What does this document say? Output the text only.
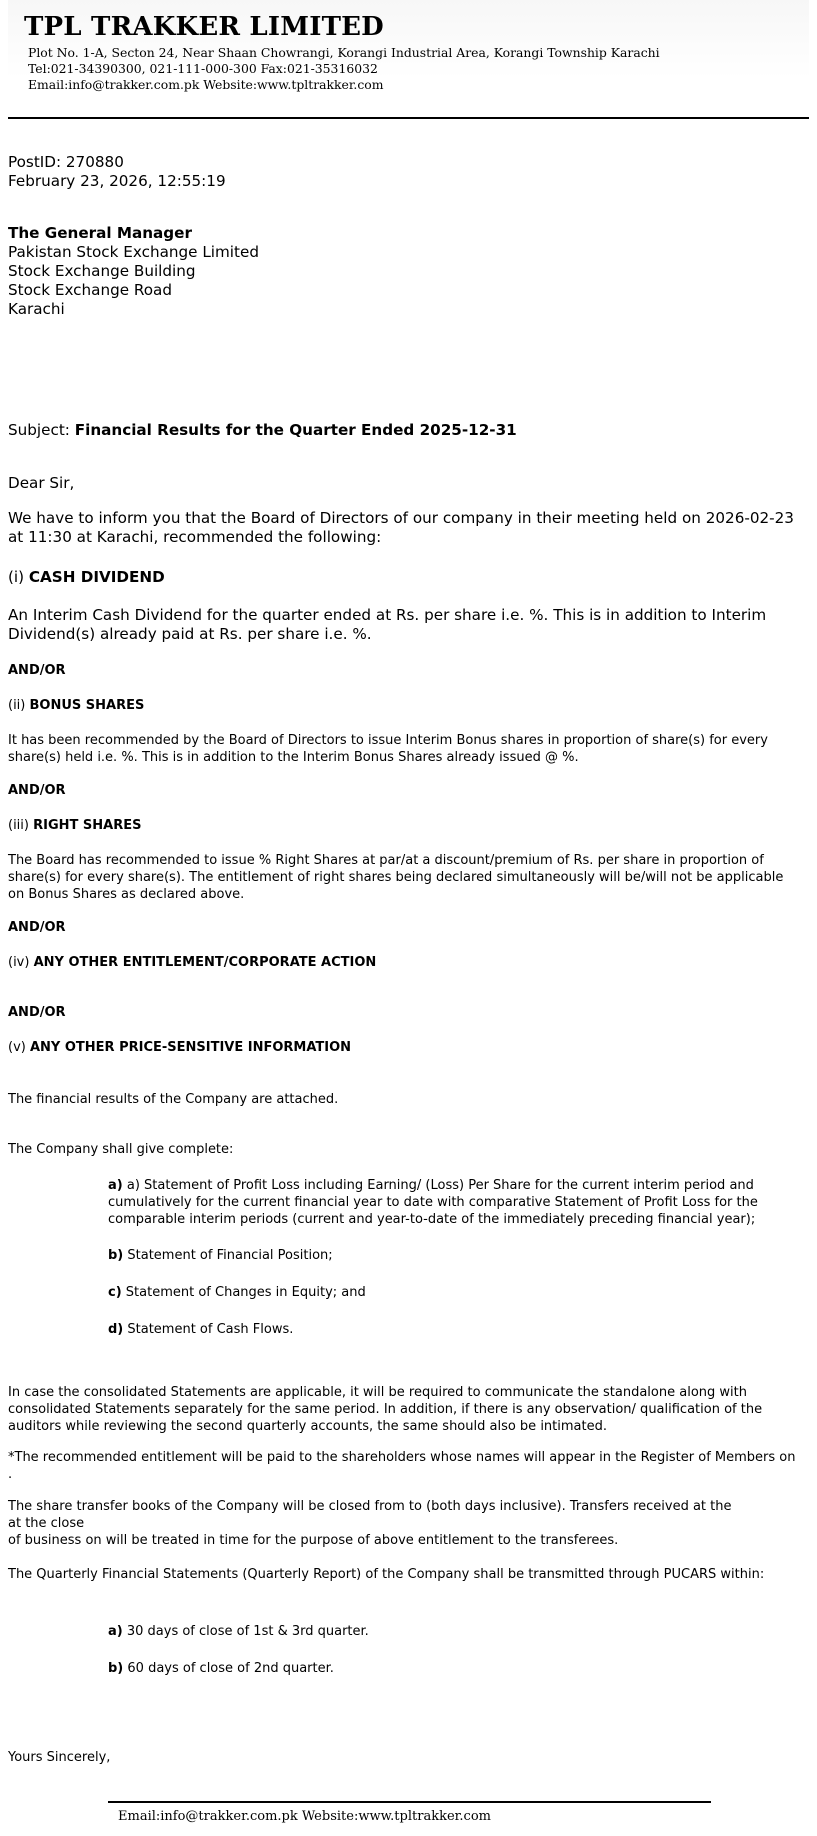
TPL TRAKKER LIMITED
Plot No. 1-A, Secton 24, Near Shaan Chowrangi, Korangi Industrial Area, Korangi Township Karachi
Tel:021-34390300, 021-111-000-300 Fax:021-35316032
Email:info@trakker.com.pk Website:www.tpltrakker.com
PostID: 270880
February 23, 2026, 12:55:19
The General Manager
Pakistan Stock Exchange Limited
Stock Exchange Building
Stock Exchange Road
Karachi
Subject: Financial Results for the Quarter Ended 2025-12-31
Dear Sir,
We have to inform you that the Board of Directors of our company in their meeting held on 2026-02-23 at 11:30 at Karachi, recommended the following:
(i) CASH DIVIDEND
An Interim Cash Dividend for the quarter ended at Rs. per share i.e. %. This is in addition to Interim Dividend(s) already paid at Rs. per share i.e. %.
AND/OR
(ii) BONUS SHARES
It has been recommended by the Board of Directors to issue Interim Bonus shares in proportion of share(s) for every share(s) held i.e. %. This is in addition to the Interim Bonus Shares already issued @ %.
AND/OR
(iii) RIGHT SHARES
The Board has recommended to issue % Right Shares at par/at a discount/premium of Rs. per share in proportion of share(s) for every share(s). The entitlement of right shares being declared simultaneously will be/will not be applicable on Bonus Shares as declared above.
AND/OR
(iv) ANY OTHER ENTITLEMENT/CORPORATE ACTION
AND/OR
(v) ANY OTHER PRICE-SENSITIVE INFORMATION
The financial results of the Company are attached.
The Company shall give complete:
a) a) Statement of Profit Loss including Earning/ (Loss) Per Share for the current interim period and cumulatively for the current financial year to date with comparative Statement of Profit Loss for the comparable interim periods (current and year-to-date of the immediately preceding financial year);
b) Statement of Financial Position;
c) Statement of Changes in Equity; and
d) Statement of Cash Flows.
In case the consolidated Statements are applicable, it will be required to communicate the standalone along with consolidated Statements separately for the same period. In addition, if there is any observation/ qualification of the auditors while reviewing the second quarterly accounts, the same should also be intimated.
*The recommended entitlement will be paid to the shareholders whose names will appear in the Register of Members on .
The share transfer books of the Company will be closed from to (both days inclusive). Transfers received at the
at the close
of business on will be treated in time for the purpose of above entitlement to the transferees.
The Quarterly Financial Statements (Quarterly Report) of the Company shall be transmitted through PUCARS within:
a) 30 days of close of 1st & 3rd quarter.
b) 60 days of close of 2nd quarter.
Yours Sincerely,
Email:info@trakker.com.pk Website:www.tpltrakker.com
